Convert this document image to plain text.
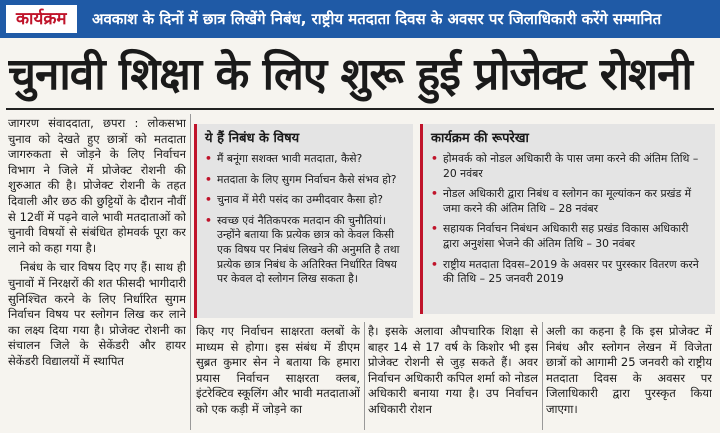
कार्यक्रम	अवकाश के दिनों में छात्र लिखेंगे निबंध, राष्ट्रीय मतदाता दिवस के अवसर पर जिलाधिकारी करेंगे सम्मानित
चुनावी शिक्षा के लिए शुरू हुई प्रोजेक्ट रोशनी

जागरण संवाददाता, छपरा : लोकसभा चुनाव को देखते हुए छात्रों को मतदाता जागरुकता से जोड़ने के लिए निर्वाचन विभाग ने जिले में प्रोजेक्ट रोशनी की शुरुआत की है। प्रोजेक्ट रोशनी के तहत दिवाली और छठ की छुट्टियों के दौरान नौवीं से 12वीं में पढ़ने वाले भावी मतदाताओं को चुनावी विषयों से संबंधित होमवर्क पूरा कर लाने को कहा गया है।

निबंध के चार विषय दिए गए हैं। साथ ही चुनावों में निरक्षरों की शत फीसदी भागीदारी सुनिश्चित करने के लिए निर्धारित सुगम निर्वाचन विषय पर स्लोगन लिख कर लाने का लक्ष्य दिया गया है। प्रोजेक्ट रोशनी का संचालन जिले के सेकेंडरी और हायर सेकेंडरी विद्यालयों में स्थापित

ये हैं निबंध के विषय
• मैं बनूंगा सशक्त भावी मतदाता, कैसे?
• मतदाता के लिए सुगम निर्वाचन कैसे संभव हो?
• चुनाव में मेरी पसंद का उम्मीदवार कैसा हो?
• स्वच्छ एवं नैतिकपरक मतदान की चुनौतियां। उन्होंने बताया कि प्रत्येक छात्र को केवल किसी एक विषय पर निबंध लिखने की अनुमति है तथा प्रत्येक छात्र निबंध के अतिरिक्त निर्धारित विषय पर केवल दो स्लोगन लिख सकता है।
कार्यक्रम की रूपरेखा
• होमवर्क को नोडल अधिकारी के पास जमा करने की अंतिम तिथि – 20 नवंबर
• नोडल अधिकारी द्वारा निबंध व स्लोगन का मूल्यांकन कर प्रखंड में जमा करने की अंतिम तिथि – 28 नवंबर
• सहायक निर्वाचन निबंधन अधिकारी सह प्रखंड विकास अधिकारी द्वारा अनुशंसा भेजने की अंतिम तिथि – 30 नवंबर
• राष्ट्रीय मतदाता दिवस–2019 के अवसर पर पुरस्कार वितरण करने की तिथि – 25 जनवरी 2019
किए गए निर्वाचन साक्षरता क्लबों के माध्यम से होगा। इस संबंध में डीएम सुब्रत कुमार सेन ने बताया कि हमारा प्रयास निर्वाचन साक्षरता क्लब, इंटरेक्टिव स्कूलिंग और भावी मतदाताओं को एक कड़ी में जोड़ने का
है। इसके अलावा औपचारिक शिक्षा से बाहर 14 से 17 वर्ष के किशोर भी इस प्रोजेक्ट रोशनी से जुड़ सकते हैं। अवर निर्वाचन अधिकारी कपिल शर्मा को नोडल अधिकारी बनाया गया है। उप निर्वाचन अधिकारी रोशन
अली का कहना है कि इस प्रोजेक्ट में निबंध और स्लोगन लेखन में विजेता छात्रों को आगामी 25 जनवरी को राष्ट्रीय मतदाता दिवस के अवसर पर जिलाधिकारी द्वारा पुरस्कृत किया जाएगा।
